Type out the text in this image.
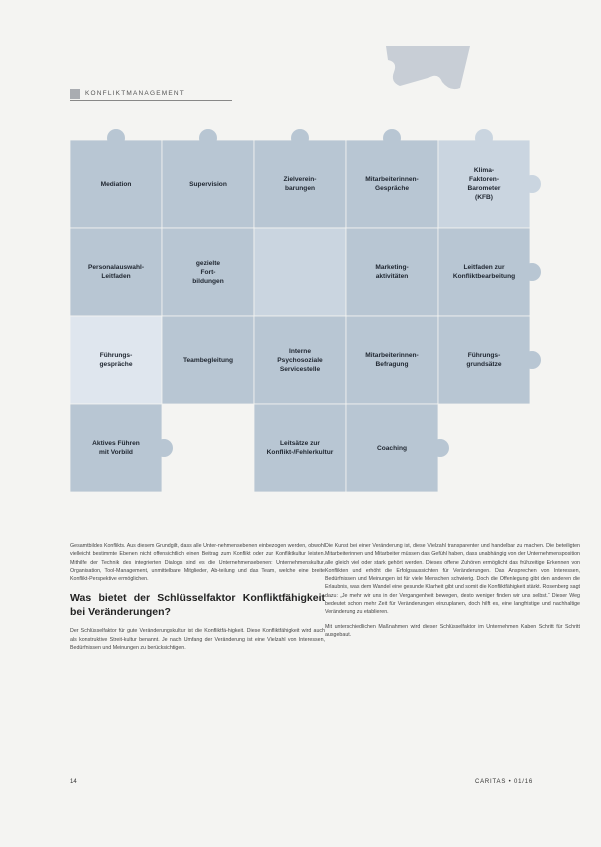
KONFLIKTMANAGEMENT
Mediation	Supervision
Zielverein-
barungen
Mitarbeiterinnen-
Gespräche
Klima-
Faktoren-
Barometer
(KFB)
Personalauswahl-
Leitfaden
gezielte
Fort-
bildungen
Marketing-
aktivitäten
Leitfaden zur
Konfliktbearbeitung
Führungs-
gespräche
Teambegleitung
Interne
Psychosoziale
Servicestelle
Mitarbeiterinnen-
Befragung
Führungs-
grundsätze
Aktives Führen
mit Vorbild
Leitsätze zur
Konflikt-/Fehlerkultur
Coaching

Gesamtbildes Konflikts. Aus diesem Grundgilt, dass alle Unter-nehmensebenen einbezogen werden, obwohl vielleicht bestimmte Ebenen nicht offensichtlich einen Beitrag zum Konflikt oder zur Konfliktkultur leisten. Mithilfe der Technik des integrierten Dialogs sind es die Unternehmensebenen: Unternehmenskultur, Organisation, Tool-Management, unmittelbare Mitglieder, Ab-teilung und das Team, welche eine breite Konflikt-Perspektive ermöglichen.

Was bietet der Schlüsselfaktor Konfliktfähigkeit bei Veränderungen?

Der Schlüsselfaktor für gute Veränderungskultur ist die Konfliktfä-higkeit. Diese Konfliktfähigkeit wird auch als konstruktive Streit-kultur benannt. Je nach Umfang der Veränderung ist eine Vielzahl von Interessen, Bedürfnissen und Meinungen zu berücksichtigen.

Die Kunst bei einer Veränderung ist, diese Vielzahl transparenter und handelbar zu machen. Die beteiligten Mitarbeiterinnen und Mitarbeiter müssen das Gefühl haben, dass unabhängig von der Unternehmensposition alle gleich viel oder stark gehört werden. Dieses offene Zuhören ermöglicht das frühzeitige Erkennen von Konflikten und erhöht die Erfolgsaussichten für Veränderungen. Das Ansprechen von Interessen, Bedürfnissen und Meinungen ist für viele Menschen schwierig. Doch die Offenlegung gibt den anderen die Erlaubnis, was dem Wandel eine gesunde Klarheit gibt und somit die Konfliktfähigkeit stärkt. Rosenberg sagt dazu: „Je mehr wir uns in der Vergangenheit bewegen, desto weniger finden wir uns selbst.“ Dieser Weg bedeutet schon mehr Zeit für Veränderungen einzuplanen, doch hilft es, eine langfristige und nachhaltige Veränderung zu etablieren.

Mit unterschiedlichen Maßnahmen wird dieser Schlüsselfaktor im Unternehmen Kaben Schritt für Schritt ausgebaut.

14	CARITAS • 01/16
